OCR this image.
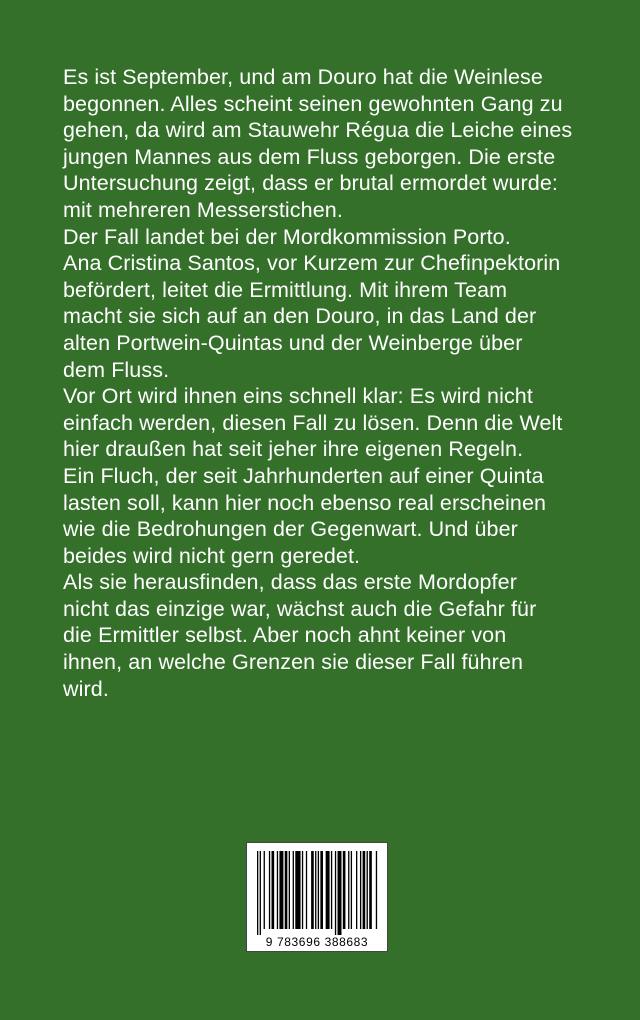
Es ist September, und am Douro hat die Weinlese
begonnen. Alles scheint seinen gewohnten Gang zu
gehen, da wird am Stauwehr Régua die Leiche eines
jungen Mannes aus dem Fluss geborgen. Die erste
Untersuchung zeigt, dass er brutal ermordet wurde:
mit mehreren Messerstichen.

Der Fall landet bei der Mordkommission Porto.
Ana Cristina Santos, vor Kurzem zur Chefinpektorin
befördert, leitet die Ermittlung. Mit ihrem Team
macht sie sich auf an den Douro, in das Land der
alten Portwein-Quintas und der Weinberge über
dem Fluss.

Vor Ort wird ihnen eins schnell klar: Es wird nicht
einfach werden, diesen Fall zu lösen. Denn die Welt
hier draußen hat seit jeher ihre eigenen Regeln.
Ein Fluch, der seit Jahrhunderten auf einer Quinta
lasten soll, kann hier noch ebenso real erscheinen
wie die Bedrohungen der Gegenwart. Und über
beides wird nicht gern geredet.

Als sie herausfinden, dass das erste Mordopfer
nicht das einzige war, wächst auch die Gefahr für
die Ermittler selbst. Aber noch ahnt keiner von
ihnen, an welche Grenzen sie dieser Fall führen
wird.

9 783696 388683
